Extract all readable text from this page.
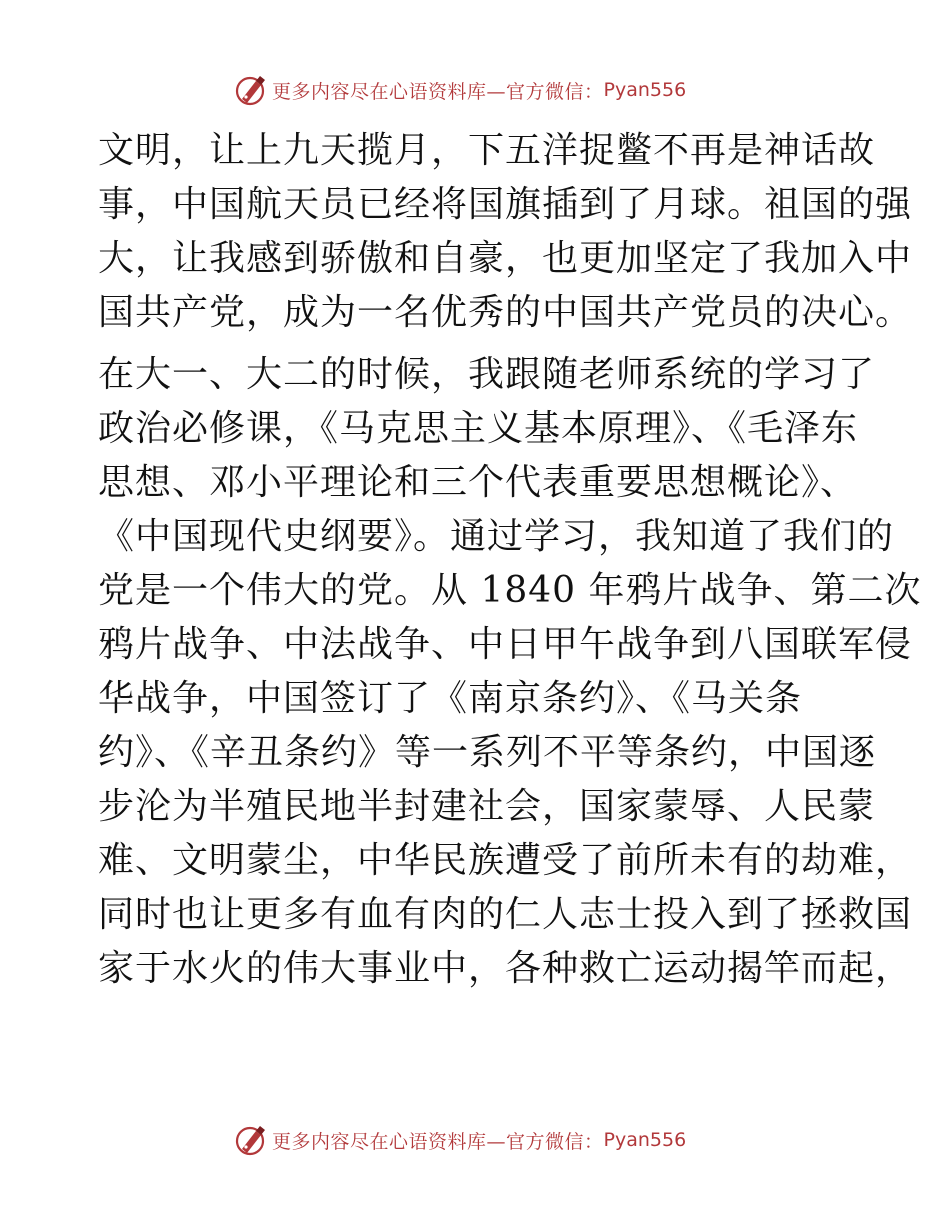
更多内容尽在心语资料库—官方微信： Pyan556
文明，让上九天揽月，下五洋捉鳖不再是神话故
事，中国航天员已经将国旗插到了月球。祖国的强
大，让我感到骄傲和自豪，也更加坚定了我加入中
国共产党，成为一名优秀的中国共产党员的决心。
在大一、大二的时候，我跟随老师系统的学习了
政治必修课，《马克思主义基本原理》、《毛泽东
思想、邓小平理论和三个代表重要思想概论》、
《中国现代史纲要》。通过学习，我知道了我们的
党是一个伟大的党。从 1840 年鸦片战争、第二次
鸦片战争、中法战争、中日甲午战争到八国联军侵
华战争，中国签订了《南京条约》、《马关条
约》、《辛丑条约》等一系列不平等条约，中国逐
步沦为半殖民地半封建社会，国家蒙辱、人民蒙
难、文明蒙尘，中华民族遭受了前所未有的劫难，
同时也让更多有血有肉的仁人志士投入到了拯救国
家于水火的伟大事业中，各种救亡运动揭竿而起，
更多内容尽在心语资料库—官方微信： Pyan556
